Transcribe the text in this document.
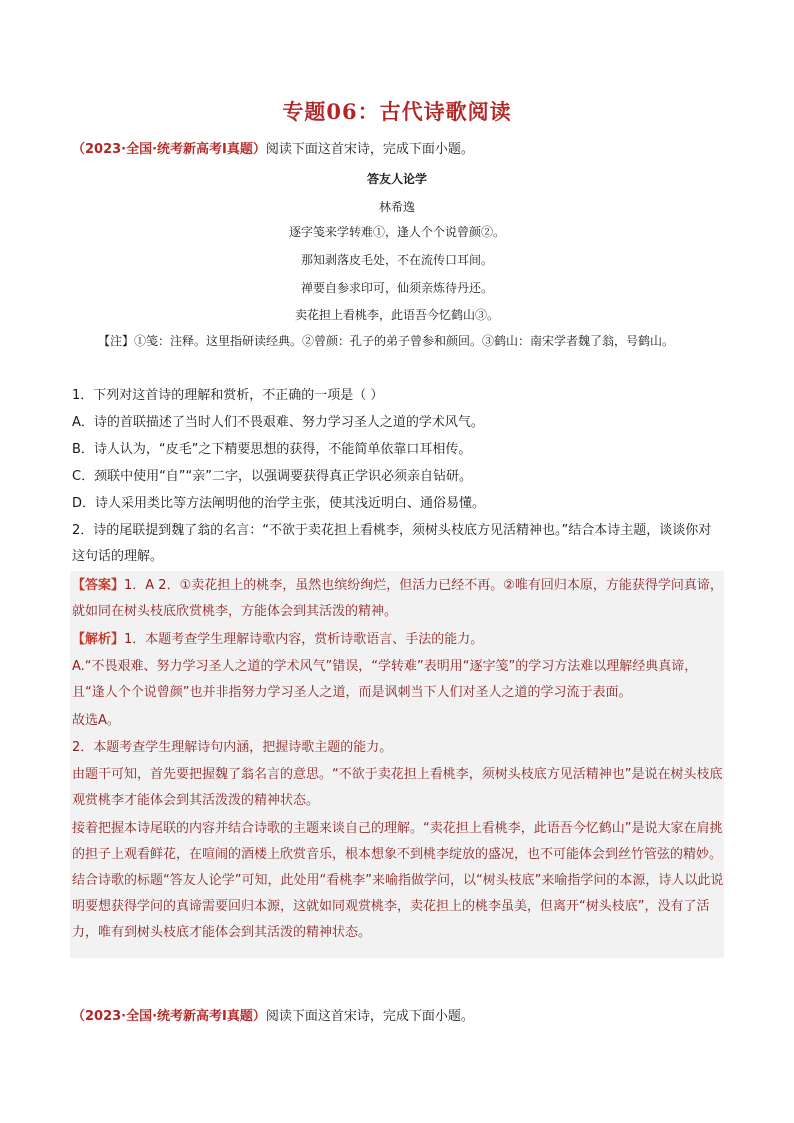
专题06：古代诗歌阅读
（2023·全国·统考新高考Ⅰ真题）阅读下面这首宋诗，完成下面小题。
答友人论学
林希逸
逐字笺来学转难①，逢人个个说曾颜②。
那知剥落皮毛处，不在流传口耳间。
禅要自参求印可，仙须亲炼待丹还。
卖花担上看桃李，此语吾今忆鹤山③。
【注】①笺：注释。这里指研读经典。②曾颜：孔子的弟子曾参和颜回。③鹤山：南宋学者魏了翁，号鹤山。
1．下列对这首诗的理解和赏析，不正确的一项是（ ）
A．诗的首联描述了当时人们不畏艰难、努力学习圣人之道的学术风气。
B．诗人认为，“皮毛”之下精要思想的获得，不能简单依靠口耳相传。
C．颈联中使用“自”“亲”二字，以强调要获得真正学识必须亲自钻研。
D．诗人采用类比等方法阐明他的治学主张，使其浅近明白、通俗易懂。
2．诗的尾联提到魏了翁的名言：“不欲于卖花担上看桃李，须树头枝底方见活精神也。”结合本诗主题，谈谈你对这句话的理解。
【答案】1．A 2．①卖花担上的桃李，虽然也缤纷绚烂，但活力已经不再。②唯有回归本原，方能获得学问真谛，就如同在树头枝底欣赏桃李，方能体会到其活泼的精神。
【解析】1．本题考查学生理解诗歌内容，赏析诗歌语言、手法的能力。
A.“不畏艰难、努力学习圣人之道的学术风气”错误，“学转难”表明用“逐字笺”的学习方法难以理解经典真谛，且“逢人个个说曾颜”也并非指努力学习圣人之道，而是讽刺当下人们对圣人之道的学习流于表面。
故选A。
2．本题考查学生理解诗句内涵，把握诗歌主题的能力。
由题干可知，首先要把握魏了翁名言的意思。“不欲于卖花担上看桃李，须树头枝底方见活精神也”是说在树头枝底观赏桃李才能体会到其活泼泼的精神状态。
接着把握本诗尾联的内容并结合诗歌的主题来谈自己的理解。“卖花担上看桃李，此语吾今忆鹤山”是说大家在肩挑的担子上观看鲜花，在喧闹的酒楼上欣赏音乐，根本想象不到桃李绽放的盛况，也不可能体会到丝竹管弦的精妙。结合诗歌的标题“答友人论学”可知，此处用“看桃李”来喻指做学问，以“树头枝底”来喻指学问的本源，诗人以此说明要想获得学问的真谛需要回归本源，这就如同观赏桃李，卖花担上的桃李虽美，但离开“树头枝底”，没有了活力，唯有到树头枝底才能体会到其活泼的精神状态。
（2023·全国·统考新高考Ⅰ真题）阅读下面这首宋诗，完成下面小题。
